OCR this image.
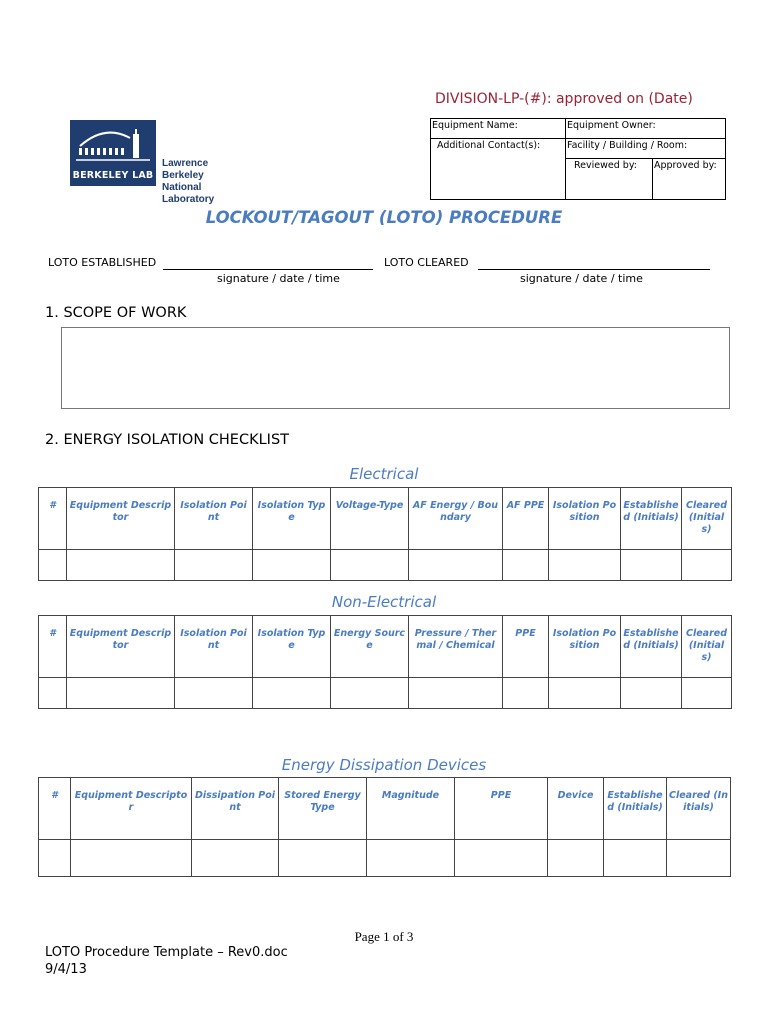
DIVISION-LP-(#): approved on (Date)
BERKELEY LAB
Lawrence Berkeley
National Laboratory
Equipment Name:	Equipment Owner:	
Additional Contact(s):	Facility / Building / Room:	
	Reviewed by:	Approved by:
LOCKOUT/TAGOUT (LOTO) PROCEDURE
LOTO ESTABLISHED
signature / date / time
LOTO CLEARED
signature / date / time
1. SCOPE OF WORK
2. ENERGY ISOLATION CHECKLIST
Electrical
#	Equipment Descriptor	Isolation Point	Isolation Type	Voltage-Type	AF Energy / Boundary	AF PPE	Isolation Position	Established (Initials)	Cleared (Initials)

Non-Electrical
#	Equipment Descriptor	Isolation Point	Isolation Type	Energy Source	Pressure / Thermal / Chemical	PPE	Isolation Position	Established (Initials)	Cleared (Initials)

Energy Dissipation Devices
#	Equipment Descriptor	Dissipation Point	Stored Energy Type	Magnitude	PPE	Device	Established (Initials)	Cleared (Initials)

Page 1 of 3
LOTO Procedure Template – Rev0.doc
9/4/13
